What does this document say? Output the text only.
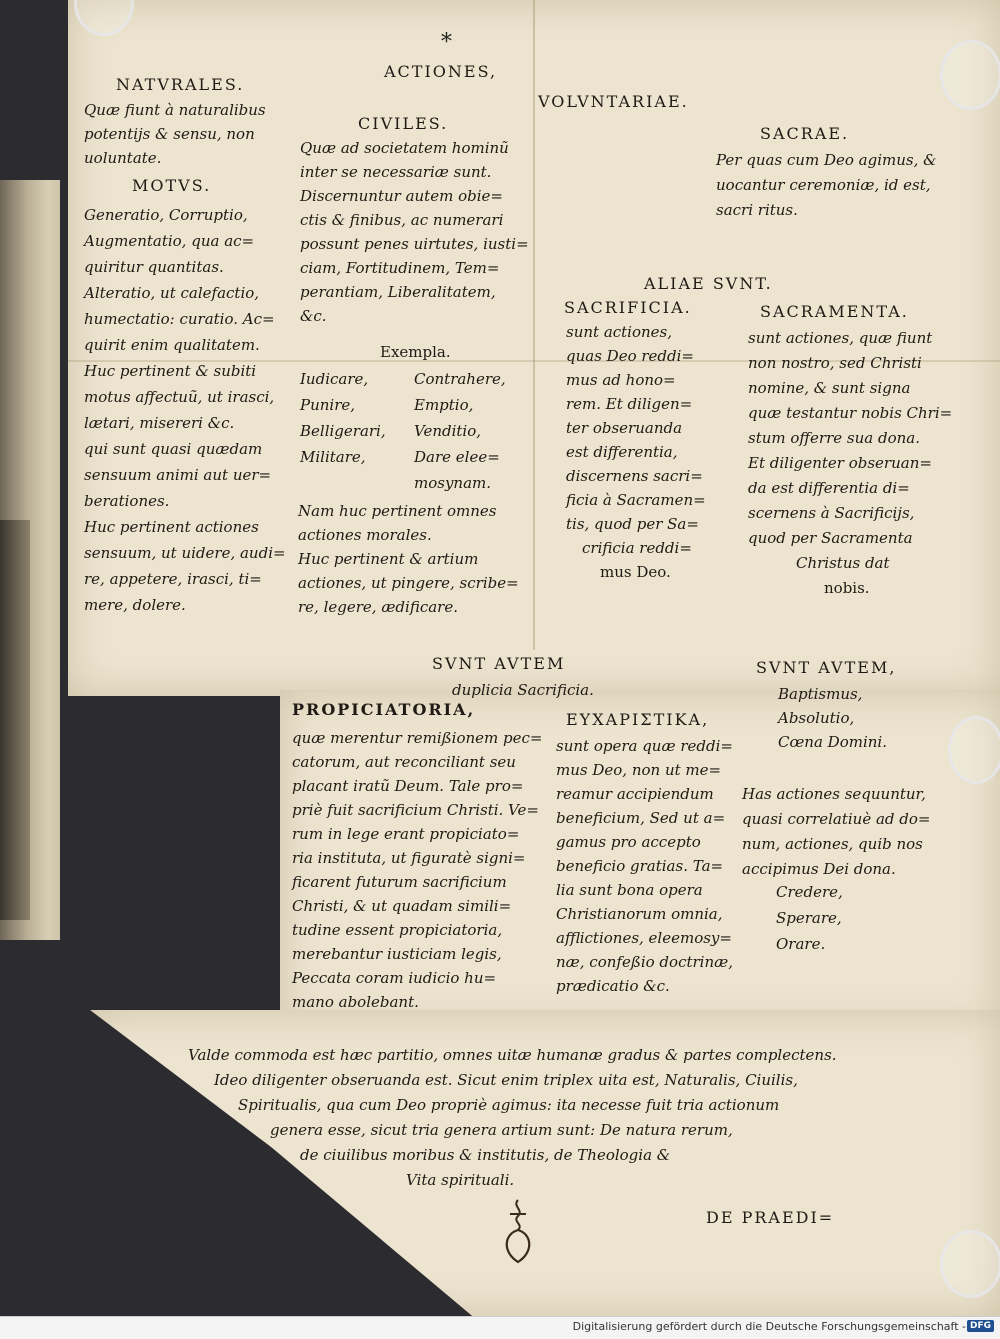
*

ACTIONES,

VOLVNTARIAE.

NATVRALES.

Quæ fiunt à naturalibus

potentijs & sensu, non

uoluntate.

MOTVS.

Generatio, Corruptio,

Augmentatio, qua ac=

quiritur quantitas.

Alteratio, ut calefactio,

humectatio: curatio. Ac=

quirit enim qualitatem.

Huc pertinent & subiti

motus affectuũ, ut irasci,

lætari, misereri &c.

qui sunt quasi quædam

sensuum animi aut uer=

berationes.

Huc pertinent actiones

sensuum, ut uidere, audi=

re, appetere, irasci, ti=

mere, dolere.

CIVILES.

Quæ ad societatem hominũ

inter se necessariæ sunt.

Discernuntur autem obie=

ctis & finibus, ac numerari

possunt penes uirtutes, iusti=

ciam, Fortitudinem, Tem=

perantiam, Liberalitatem,

&c.

Exempla.

Iudicare,

Punire,

Belligerari,

Militare,

Contrahere,

Emptio,

Venditio,

Dare elee=

mosynam.

Nam huc pertinent omnes

actiones morales.

Huc pertinent & artium

actiones, ut pingere, scribe=

re, legere, ædificare.

SACRAE.

Per quas cum Deo agimus, &

uocantur ceremoniæ, id est,

sacri ritus.

ALIAE SVNT.

SACRIFICIA.

sunt actiones,

quas Deo reddi=

mus ad hono=

rem. Et diligen=

ter obseruanda

est differentia,

discernens sacri=

ficia à Sacramen=

tis, quod per Sa=

crificia reddi=

mus Deo.

SACRAMENTA.

sunt actiones, quæ fiunt

non nostro, sed Christi

nomine, & sunt signa

quæ testantur nobis Chri=

stum offerre sua dona.

Et diligenter obseruan=

da est differentia di=

scernens à Sacrificijs,

quod per Sacramenta

Christus dat

nobis.

SVNT AVTEM

duplicia Sacrificia.

PROPICIATORIA,

quæ merentur remißionem pec=

catorum, aut reconciliant seu

placant iratũ Deum. Tale pro=

priè fuit sacrificium Christi. Ve=

rum in lege erant propiciato=

ria instituta, ut figuratè signi=

ficarent futurum sacrificium

Christi, & ut quadam simili=

tudine essent propiciatoria,

merebantur iusticiam legis,

Peccata coram iudicio hu=

mano abolebant.

ΕΥΧΑΡΙΣΤΙΚΑ,

sunt opera quæ reddi=

mus Deo, non ut me=

reamur accipiendum

beneficium, Sed ut a=

gamus pro accepto

beneficio gratias. Ta=

lia sunt bona opera

Christianorum omnia,

afflictiones, eleemosy=

næ, confeßio doctrinæ,

prædicatio &c.

SVNT AVTEM,

Baptismus,

Absolutio,

Cœna Domini.

Has actiones sequuntur,

quasi correlatiuè ad do=

num, actiones, quib nos

accipimus Dei dona.

Credere,

Sperare,

Orare.

Valde commoda est hæc partitio, omnes uitæ humanæ gradus & partes complectens.

Ideo diligenter obseruanda est. Sicut enim triplex uita est, Naturalis, Ciuilis,

Spiritualis, qua cum Deo propriè agimus: ita necesse fuit tria actionum

genera esse, sicut tria genera artium sunt: De natura rerum,

de ciuilibus moribus & institutis, de Theologia &

Vita spirituali.

DE PRAEDI=

Digitalisierung gefördert durch die Deutsche Forschungsgemeinschaft - DFG
